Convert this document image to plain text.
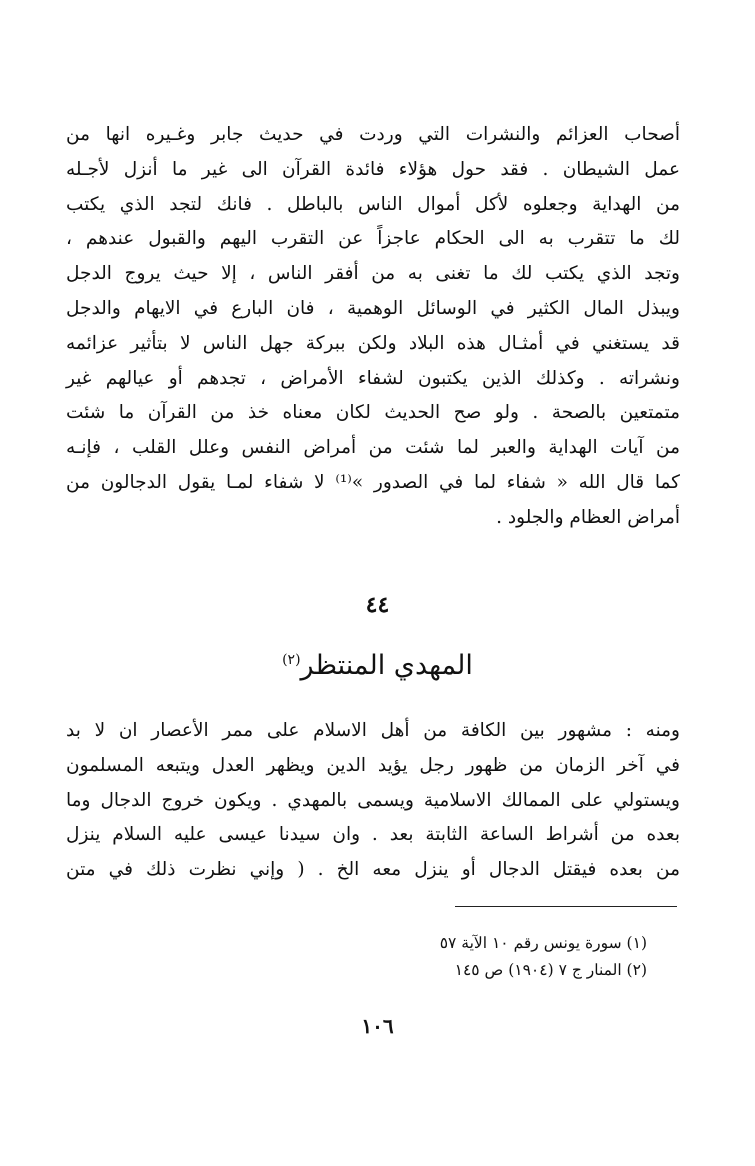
أصحاب العزائم والنشرات التي وردت في حديث جابر وغـيره انها من
عمل الشيطان . فقد حول هؤلاء فائدة القرآن الى غير ما أنزل لأجـله
من الهداية وجعلوه لأكل أموال الناس بالباطل . فانك لتجد الذي يكتب
لك ما تتقرب به الى الحكام عاجزاً عن التقرب اليهم والقبول عندهم ،
وتجد الذي يكتب لك ما تغنى به من أفقر الناس ، إلا حيث يروج الدجل
ويبذل المال الكثير في الوسائل الوهمية ، فان البارع في الايهام والدجل
قد يستغني في أمثـال هذه البلاد ولكن ببركة جهل الناس لا بتأثير عزائمه
ونشراته . وكذلك الذين يكتبون لشفاء الأمراض ، تجدهم أو عيالهم غير
متمتعين بالصحة . ولو صح الحديث لكان معناه خذ من القرآن ما شئت
من آيات الهداية والعبر لما شئت من أمراض النفس وعلل القلب ، فإنـه
كما قال الله « شفاء لما في الصدور »⁽¹⁾ لا شفاء لمـا يقول الدجالون من
أمراض العظام والجلود .
٤٤
المهدي المنتظر$^{(٢)}$
ومنه : مشهور بين الكافة من أهل الاسلام على ممر الأعصار ان لا بد
في آخر الزمان من ظهور رجل يؤيد الدين ويظهر العدل ويتبعه المسلمون
ويستولي على الممالك الاسلامية ويسمى بالمهدي . ويكون خروج الدجال وما
بعده من أشراط الساعة الثابتة بعد . وان سيدنا عيسى عليه السلام ينزل
من بعده فيقتل الدجال أو ينزل معه الخ . ( وإني نظرت ذلك في متن
(١) سورة يونس رقم ١٠ الآية ٥٧
(٢) المنار ج ٧ (١٩٠٤) ص ١٤٥
١٠٦
